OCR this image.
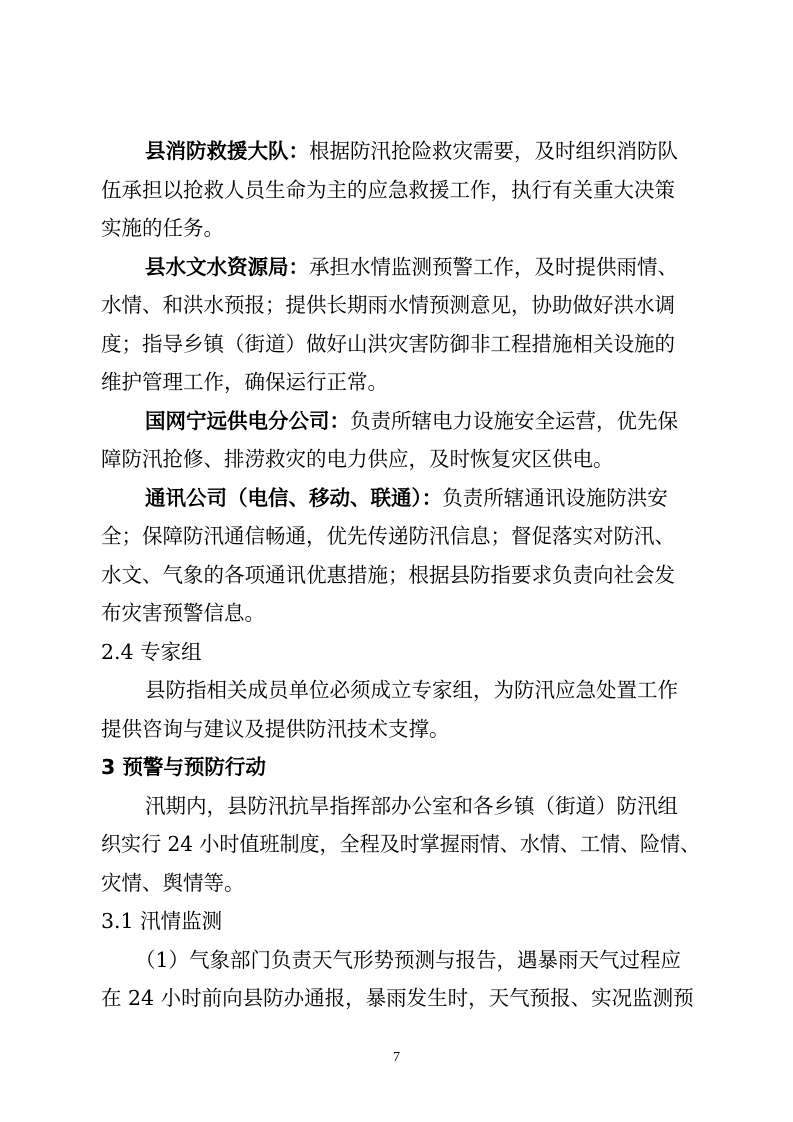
县消防救援大队：根据防汛抢险救灾需要，及时组织消防队
伍承担以抢救人员生命为主的应急救援工作，执行有关重大决策
实施的任务。
县水文水资源局：承担水情监测预警工作，及时提供雨情、
水情、和洪水预报；提供长期雨水情预测意见，协助做好洪水调
度；指导乡镇（街道）做好山洪灾害防御非工程措施相关设施的
维护管理工作，确保运行正常。
国网宁远供电分公司：负责所辖电力设施安全运营，优先保
障防汛抢修、排涝救灾的电力供应，及时恢复灾区供电。
通讯公司（电信、移动、联通）：负责所辖通讯设施防洪安
全；保障防汛通信畅通，优先传递防汛信息；督促落实对防汛、
水文、气象的各项通讯优惠措施；根据县防指要求负责向社会发
布灾害预警信息。
2.4 专家组
县防指相关成员单位必须成立专家组，为防汛应急处置工作
提供咨询与建议及提供防汛技术支撑。
3 预警与预防行动
汛期内，县防汛抗旱指挥部办公室和各乡镇（街道）防汛组
织实行 24 小时值班制度，全程及时掌握雨情、水情、工情、险情、
灾情、舆情等。
3.1 汛情监测
（1）气象部门负责天气形势预测与报告，遇暴雨天气过程应
在 24 小时前向县防办通报，暴雨发生时，天气预报、实况监测预
7
